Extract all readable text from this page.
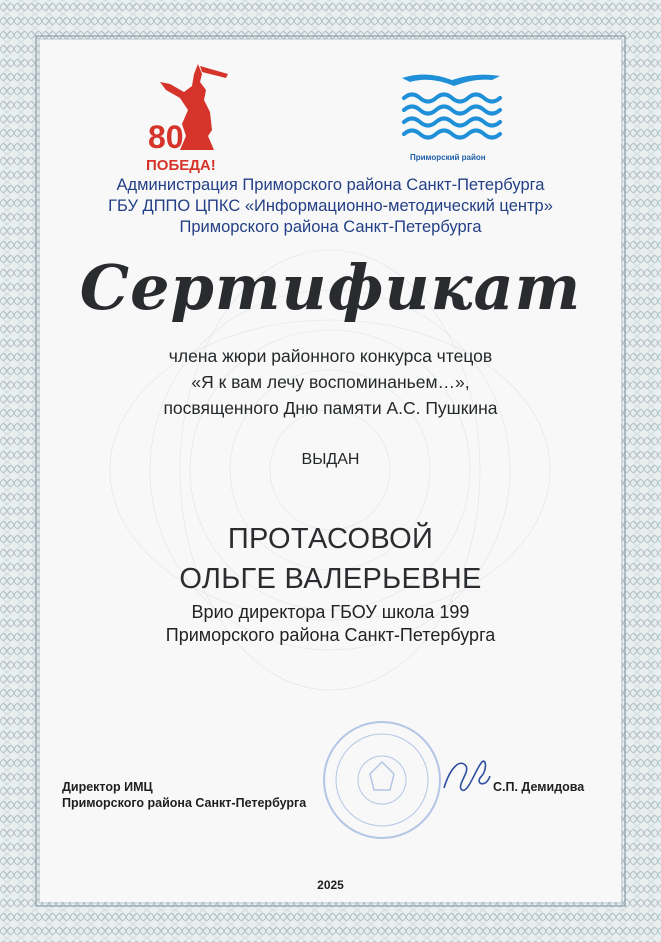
80
ПОБЕДА!	Приморский район
Администрация Приморского района Санкт-Петербурга
ГБУ ДППО ЦПКС «Информационно-методический центр»
Приморского района Санкт-Петербурга
Сертификат
члена жюри районного конкурса чтецов
«Я к вам лечу воспоминаньем…»,
посвященного Дню памяти А.С. Пушкина
ВЫДАН
ПРОТАСОВОЙ
ОЛЬГЕ ВАЛЕРЬЕВНЕ
Врио директора ГБОУ школа 199
Приморского района Санкт-Петербурга
Директор ИМЦ
Приморского района Санкт-Петербурга
С.П. Демидова
2025
